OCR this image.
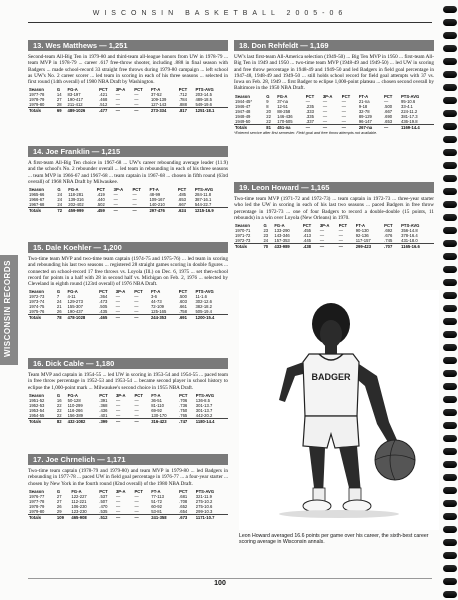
WISCONSIN BASKETBALL 2005-06
WISCONSIN RECORDS
13. Wes Matthews — 1,251
Second-team All-Big Ten in 1979-80 and third-team all-league honors from UW in 1978-79 ... team MVP in 1978-79 ... career .617 free-throw shooter, including .888 in final season with Badgers ... made school-record 33 straight free throws during 1979-80 campaign ... left school as UW's No. 2 career scorer ... led team in scoring in each of his three seasons ... selected in first round (14th overall) of 1980 NBA Draft by Washington.
Season	G	FG-A	PCT	3P-A	PCT	FT-A	PCT	PTS-AVG
1977-78	14	83-197	.421	—	—	37-52	.712	203-14.5
1978-79	27	190-417	.468	—	—	109-139	.784	489-18.5
1979-80	28	211-412	.512	—	—	127-143	.888	549-19.6
Totals	69	489-1026	.477	—	—	273-334	.817	1251-18.1
14. Joe Franklin — 1,215
A first-team All-Big Ten choice in 1967-68 ... UW's career rebounding average leader (11.9) and the school's No. 2 rebounder overall ... led team in rebounding in each of his three seasons ... team MVP in 1966-67 and 1967-68 ... team captain in 1967-68 ... chosen in fifth round (63rd overall) of 1968 NBA Draft by Milwaukee.
Season	G	FG-A	PCT	3P-A	PCT	FT-A	PCT	PTS-AVG
1965-66	24	118-281	.419	—	—	48-99	.485	284-11.8
1966-67	24	139-316	.440	—	—	109-167	.653	387-16.1
1967-68	24	202-402	.502	—	—	140-210	.667	544-22.7
Totals	72	459-999	.459	—	—	297-476	.624	1215-16.9
15. Dale Koehler — 1,200
Two-time team MVP and two-time team captain (1974-75 and 1975-76) ... led team in scoring and rebounding his last two seasons ... registered 28 straight games scoring in double figures ... connected on school-record 17 free throws vs. Loyola (Ill.) on Dec. 6, 1975 ... set then-school record for points in a half with 28 in second half vs. Michigan on Feb. 2, 1976 ... selected by Cleveland in eighth round (123rd overall) of 1976 NBA Draft.
Season	G	FG-A	PCT	3P-A	PCT	FT-A	PCT	PTS-AVG
1972-73	7	4-11	.364	—	—	3-6	.500	11-1.6
1973-74	24	129-273	.473	—	—	44-73	.603	302-12.6
1974-75	21	155-307	.505	—	—	72-109	.661	382-18.2
1975-76	26	190-437	.435	—	—	125-165	.758	505-19.4
Totals	78	478-1028	.465	—	—	244-353	.691	1200-15.4
16. Dick Cable — 1,180
Team MVP and captain in 1954-55 ... led UW in scoring in 1953-54 and 1954-55 ... paced team in free throw percentage in 1952-53 and 1953-54 ... became second player in school history to eclipse the 1,000-point mark ... Milwaukee's second choice in 1955 NBA Draft.
Season	G	FG-A	PCT	3P-A	PCT	FT-A	PCT	PTS-AVG
1951-52	16	50-128	.391	—	—	36-51	.706	136-8.5
1952-53	22	110-299	.368	—	—	81-110	.736	301-13.7
1953-54	22	116-266	.436	—	—	69-92	.750	301-13.7
1954-55	22	156-389	.401	—	—	130-170	.765	442-20.2
Totals	82	432-1082	.399	—	—	316-423	.747	1180-14.4
17. Joe Chrnelich — 1,171
Two-time team captain (1978-79 and 1979-80) and team MVP in 1979-80 ... led Badgers in rebounding in 1977-78 ... paced UW in field goal percentage in 1976-77 ... a four-year starter ... chosen by New York in the fourth round (82nd overall) of the 1980 NBA Draft.
Season	G	FG-A	PCT	3P-A	PCT	FT-A	PCT	PTS-AVG
1976-77	27	122-227	.537	—	—	77-113	.681	321-11.9
1977-78	27	112-221	.507	—	—	51-72	.708	275-10.2
1978-79	26	106-230	.470	—	—	60-92	.652	275-10.6
1979-80	29	123-230	.535	—	—	53-81	.654	299-10.3
Totals	109	465-908	.512	—	—	241-358	.673	1171-10.7
18. Don Rehfeldt — 1,169
UW's last first-team All-America selection (1949-50) ... Big Ten MVP in 1950 ... first-team All-Big Ten in 1949 and 1950 ... two-time team MVP (1948-49 and 1949-50) ... led UW in scoring and free throw percentage in 1948-49 and 1949-50 and led Badgers in field goal percentage in 1947-48, 1948-49 and 1949-50 ... still holds school record for field goal attempts with 37 vs. Iowa on Feb. 28, 1949 ... first Badger to eclipse 1,000-point plateau ... chosen second overall by Baltimore in the 1950 NBA Draft.
Season	G	FG-A	PCT	3P-A	PCT	FT-A	PCT	PTS-AVG
1944-45*	9	37-na	—	—	—	21-na	—	95-10.6
1946-47	8	12-51	.235	—	—	9-18	.500	33-4.1
1947-48	20	88-258	.333	—	—	32-78	.667	224-11.2
1948-49	22	146-436	.335	—	—	89-129	.690	381-17.3
1949-50	22	170-505	.337	—	—	96-147	.653	436-19.8
Totals	81	451-na	—	—	—	267-na	—	1169-14.4
*Entered service after first semester. Field goal and free throw attempts not available.
19. Leon Howard — 1,165
Two-time team MVP (1971-72 and 1972-73) ... team captain in 1972-73 ... three-year starter who led the UW in scoring in each of his last two seasons ... paced Badgers in free throw percentage in 1972-73 ... one of four Badgers to record a double-double (15 points, 11 rebounds) in a win over Loyola (New Orleans) in 1970.
Season	G	FG-A	PCT	3P-A	PCT	FT-A	PCT	PTS-AVG
1970-71	23	133-290	.455	—	—	90-130	.692	356-14.8
1971-72	23	143-346	.413	—	—	92-136	.676	378-16.4
1972-73	24	157-353	.445	—	—	117-157	.745	431-18.0
Totals	70	433-989	.438	—	—	299-423	.707	1165-16.6
BADGER
Leon Howard averaged 16.6 points per game over his career, the sixth-best career scoring average in Wisconsin annals.
100
